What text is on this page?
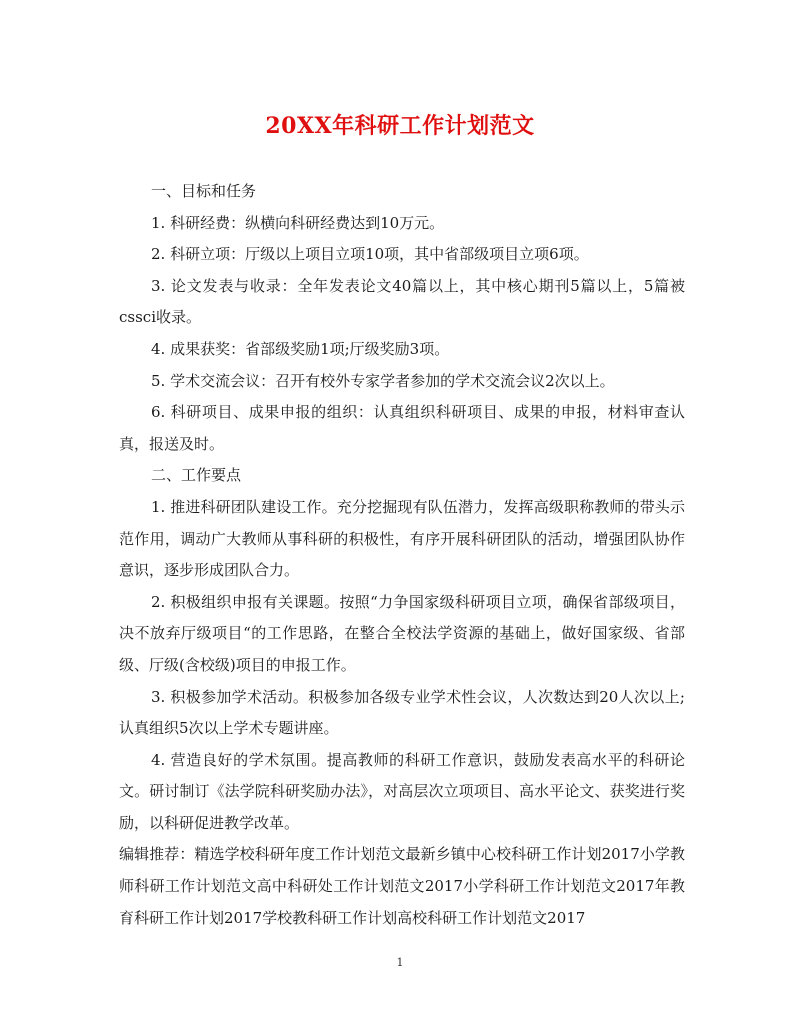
20XX年科研工作计划范文

一、目标和任务

1. 科研经费：纵横向科研经费达到10万元。

2. 科研立项：厅级以上项目立项10项，其中省部级项目立项6项。

3. 论文发表与收录：全年发表论文40篇以上，其中核心期刊5篇以上，5篇被cssci收录。

4. 成果获奖：省部级奖励1项;厅级奖励3项。

5. 学术交流会议：召开有校外专家学者参加的学术交流会议2次以上。

6. 科研项目、成果申报的组织：认真组织科研项目、成果的申报，材料审查认真，报送及时。

二、工作要点

1. 推进科研团队建设工作。充分挖掘现有队伍潜力，发挥高级职称教师的带头示范作用，调动广大教师从事科研的积极性，有序开展科研团队的活动，增强团队协作意识，逐步形成团队合力。

2. 积极组织申报有关课题。按照“力争国家级科研项目立项，确保省部级项目，决不放弃厅级项目“的工作思路，在整合全校法学资源的基础上，做好国家级、省部级、厅级(含校级)项目的申报工作。

3. 积极参加学术活动。积极参加各级专业学术性会议，人次数达到20人次以上;认真组织5次以上学术专题讲座。

4. 营造良好的学术氛围。提高教师的科研工作意识，鼓励发表高水平的科研论文。研讨制订《法学院科研奖励办法》，对高层次立项项目、高水平论文、获奖进行奖励，以科研促进教学改革。

编辑推荐：精选学校科研年度工作计划范文最新乡镇中心校科研工作计划2017小学教师科研工作计划范文高中科研处工作计划范文2017小学科研工作计划范文2017年教育科研工作计划2017学校教科研工作计划高校科研工作计划范文2017

1
